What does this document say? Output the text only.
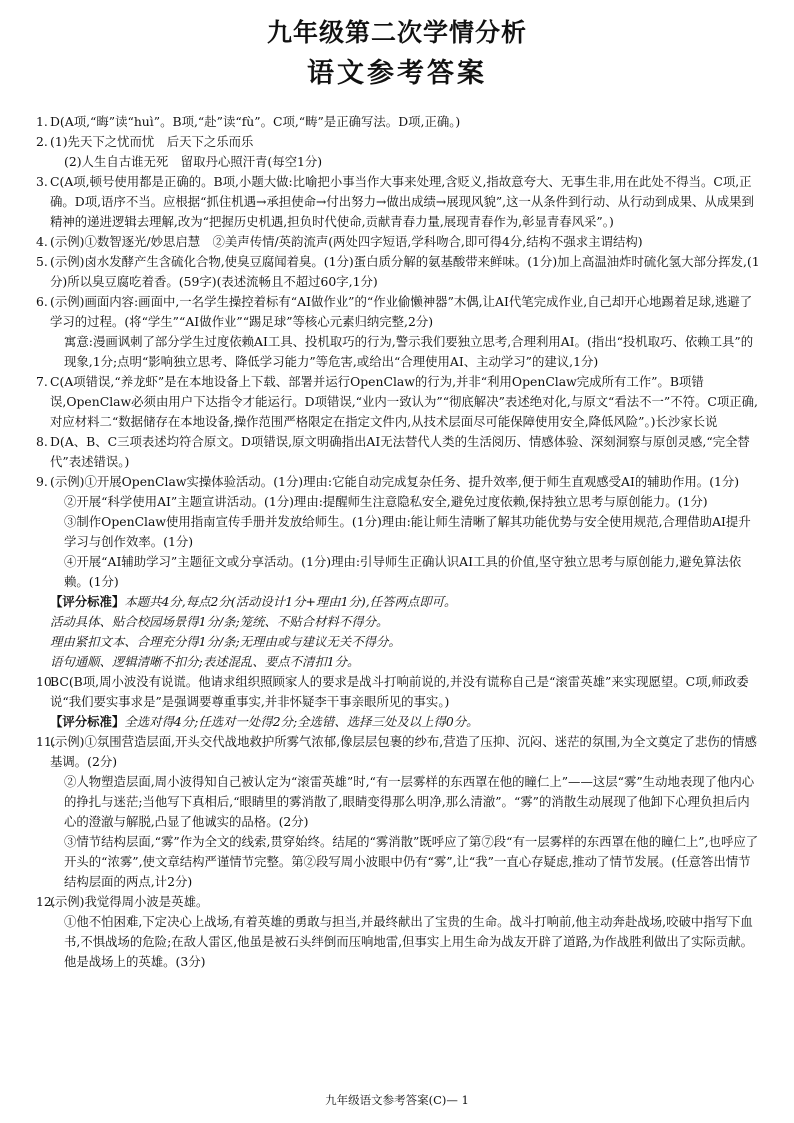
九年级第二次学情分析
语文参考答案
1. D(A项,“晦”读“huì”。B项,“赴”读“fù”。C项,“畴”是正确写法。D项,正确。)
2. (1)先天下之忧而忧　后天下之乐而乐
(2)人生自古谁无死　留取丹心照汗青(每空1分)
3. C(A项,顿号使用都是正确的。B项,小题大做:比喻把小事当作大事来处理,含贬义,指故意夸大、无事生非,用在此处不得当。C项,正确。D项,语序不当。应根据“抓住机遇→承担使命→付出努力→做出成绩→展现风貌”,这一从条件到行动、从行动到成果、从成果到精神的递进逻辑去理解,改为“把握历史机遇,担负时代使命,贡献青春力量,展现青春作为,彰显青春风采”。)
4. (示例)①数智逐光/妙思启慧　②美声传情/英韵流声(两处四字短语,学科吻合,即可得4分,结构不强求主谓结构)
5. (示例)卤水发酵产生含硫化合物,使臭豆腐闻着臭。(1分)蛋白质分解的氨基酸带来鲜味。(1分)加上高温油炸时硫化氢大部分挥发,(1分)所以臭豆腐吃着香。(59字)(表述流畅且不超过60字,1分)
6. (示例)画面内容:画面中,一名学生操控着标有“AI做作业”的“作业偷懒神器”木偶,让AI代笔完成作业,自己却开心地踢着足球,逃避了学习的过程。(将“学生”“AI做作业”“踢足球”等核心元素归纳完整,2分)
寓意:漫画讽刺了部分学生过度依赖AI工具、投机取巧的行为,警示我们要独立思考,合理利用AI。(指出“投机取巧、依赖工具”的现象,1分;点明“影响独立思考、降低学习能力”等危害,或给出“合理使用AI、主动学习”的建议,1分)
7. C(A项错误,“养龙虾”是在本地设备上下载、部署并运行OpenClaw的行为,并非“利用OpenClaw完成所有工作”。B项错误,OpenClaw必须由用户下达指令才能运行。D项错误,“业内一致认为”“彻底解决”表述绝对化,与原文“看法不一”不符。C项正确,对应材料二“数据储存在本地设备,操作范围严格限定在指定文件内,从技术层面尽可能保障使用安全,降低风险”。)长沙家长说
8. D(A、B、C三项表述均符合原文。D项错误,原文明确指出AI无法替代人类的生活阅历、情感体验、深刻洞察与原创灵感,“完全替代”表述错误。)
9. (示例)①开展OpenClaw实操体验活动。(1分)理由:它能自动完成复杂任务、提升效率,便于师生直观感受AI的辅助作用。(1分)
②开展“科学使用AI”主题宣讲活动。(1分)理由:提醒师生注意隐私安全,避免过度依赖,保持独立思考与原创能力。(1分)
③制作OpenClaw使用指南宣传手册并发放给师生。(1分)理由:能让师生清晰了解其功能优势与安全使用规范,合理借助AI提升学习与创作效率。(1分)
④开展“AI辅助学习”主题征文或分享活动。(1分)理由:引导师生正确认识AI工具的价值,坚守独立思考与原创能力,避免算法依赖。(1分)
【评分标准】本题共4分,每点2分(活动设计1分+理由1分),任答两点即可。
活动具体、贴合校园场景得1分/条;笼统、不贴合材料不得分。
理由紧扣文本、合理充分得1分/条;无理由或与建议无关不得分。
语句通顺、逻辑清晰不扣分;表述混乱、要点不清扣1分。
10.
BC(B项,周小波没有说谎。他请求组织照顾家人的要求是战斗打响前说的,并没有谎称自己是“滚雷英雄”来实现愿望。C项,师政委说“我们要实事求是”是强调要尊重事实,并非怀疑李干事亲眼所见的事实。)
【评分标准】全选对得4分;任选对一处得2分;全选错、选择三处及以上得0分。
11.
(示例)①氛围营造层面,开头交代战地救护所雾气浓郁,像层层包裹的纱布,营造了压抑、沉闷、迷茫的氛围,为全文奠定了悲伤的情感基调。(2分)
②人物塑造层面,周小波得知自己被认定为“滚雷英雄”时,“有一层雾样的东西罩在他的瞳仁上”——这层“雾”生动地表现了他内心的挣扎与迷茫;当他写下真相后,“眼睛里的雾消散了,眼睛变得那么明净,那么清澈”。“雾”的消散生动展现了他卸下心理负担后内心的澄澈与解脱,凸显了他诚实的品格。(2分)
③情节结构层面,“雾”作为全文的线索,贯穿始终。结尾的“雾消散”既呼应了第⑦段“有一层雾样的东西罩在他的瞳仁上”,也呼应了开头的“浓雾”,使文章结构严谨情节完整。第②段写周小波眼中仍有“雾”,让“我”一直心存疑虑,推动了情节发展。(任意答出情节结构层面的两点,计2分)
12.
(示例)我觉得周小波是英雄。
①他不怕困难,下定决心上战场,有着英雄的勇敢与担当,并最终献出了宝贵的生命。战斗打响前,他主动奔赴战场,咬破中指写下血书,不惧战场的危险;在敌人雷区,他虽是被石头绊倒而压响地雷,但事实上用生命为战友开辟了道路,为作战胜利做出了实际贡献。他是战场上的英雄。(3分)
九年级语文参考答案(C)— 1
